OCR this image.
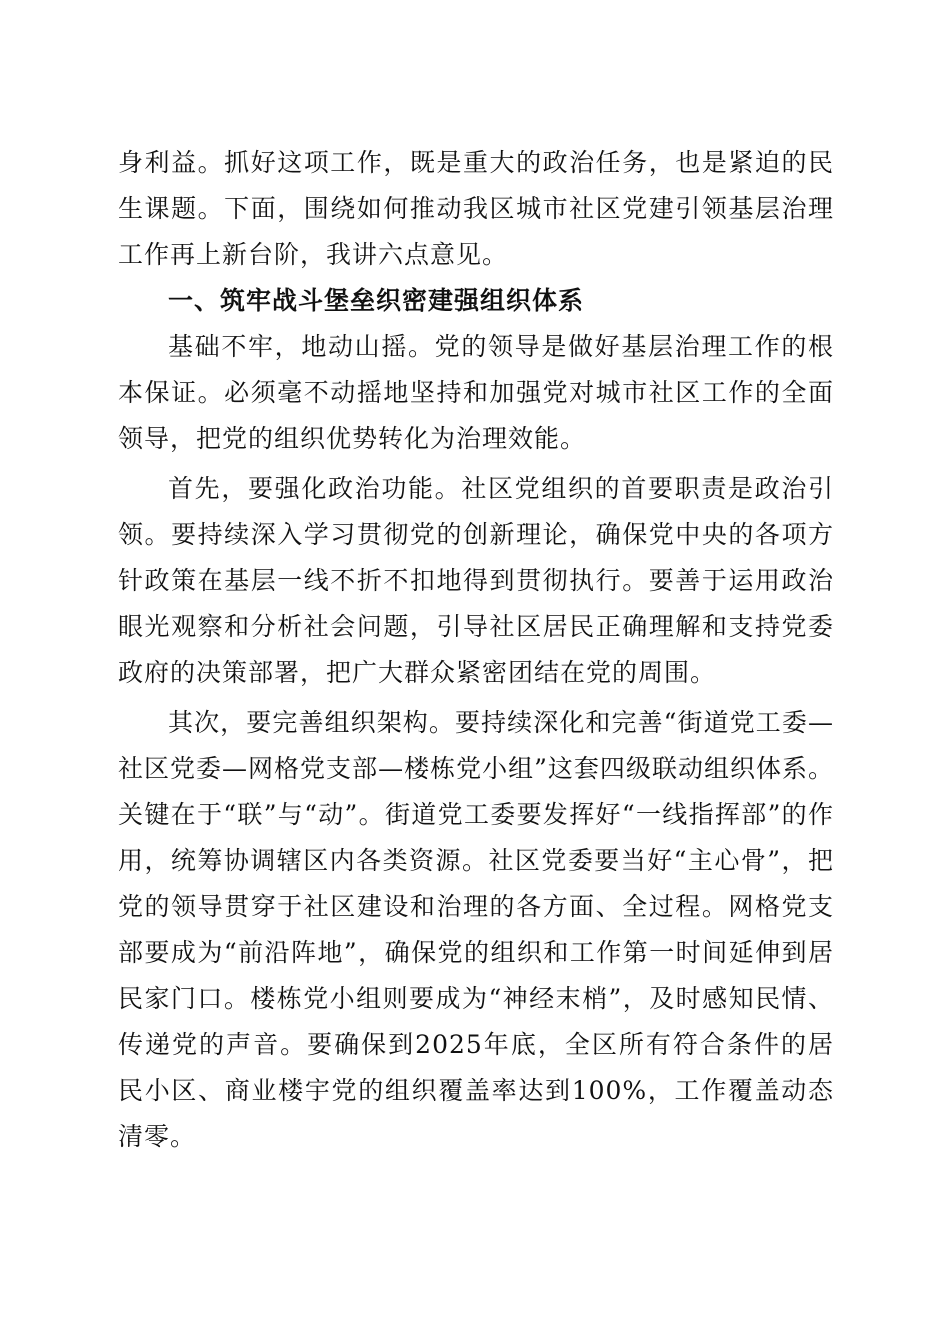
身利益。抓好这项工作，既是重大的政治任务，也是紧迫的民生课题。下面，围绕如何推动我区城市社区党建引领基层治理工作再上新台阶，我讲六点意见。

一、筑牢战斗堡垒织密建强组织体系

基础不牢，地动山摇。党的领导是做好基层治理工作的根本保证。必须毫不动摇地坚持和加强党对城市社区工作的全面领导，把党的组织优势转化为治理效能。

首先，要强化政治功能。社区党组织的首要职责是政治引领。要持续深入学习贯彻党的创新理论，确保党中央的各项方针政策在基层一线不折不扣地得到贯彻执行。要善于运用政治眼光观察和分析社会问题，引导社区居民正确理解和支持党委政府的决策部署，把广大群众紧密团结在党的周围。

其次，要完善组织架构。要持续深化和完善“街道党工委—社区党委—网格党支部—楼栋党小组”这套四级联动组织体系。关键在于“联”与“动”。街道党工委要发挥好“一线指挥部”的作用，统筹协调辖区内各类资源。社区党委要当好“主心骨”，把党的领导贯穿于社区建设和治理的各方面、全过程。网格党支部要成为“前沿阵地”，确保党的组织和工作第一时间延伸到居民家门口。楼栋党小组则要成为“神经末梢”，及时感知民情、传递党的声音。要确保到2025年底，全区所有符合条件的居民小区、商业楼宇党的组织覆盖率达到100%，工作覆盖动态清零。
